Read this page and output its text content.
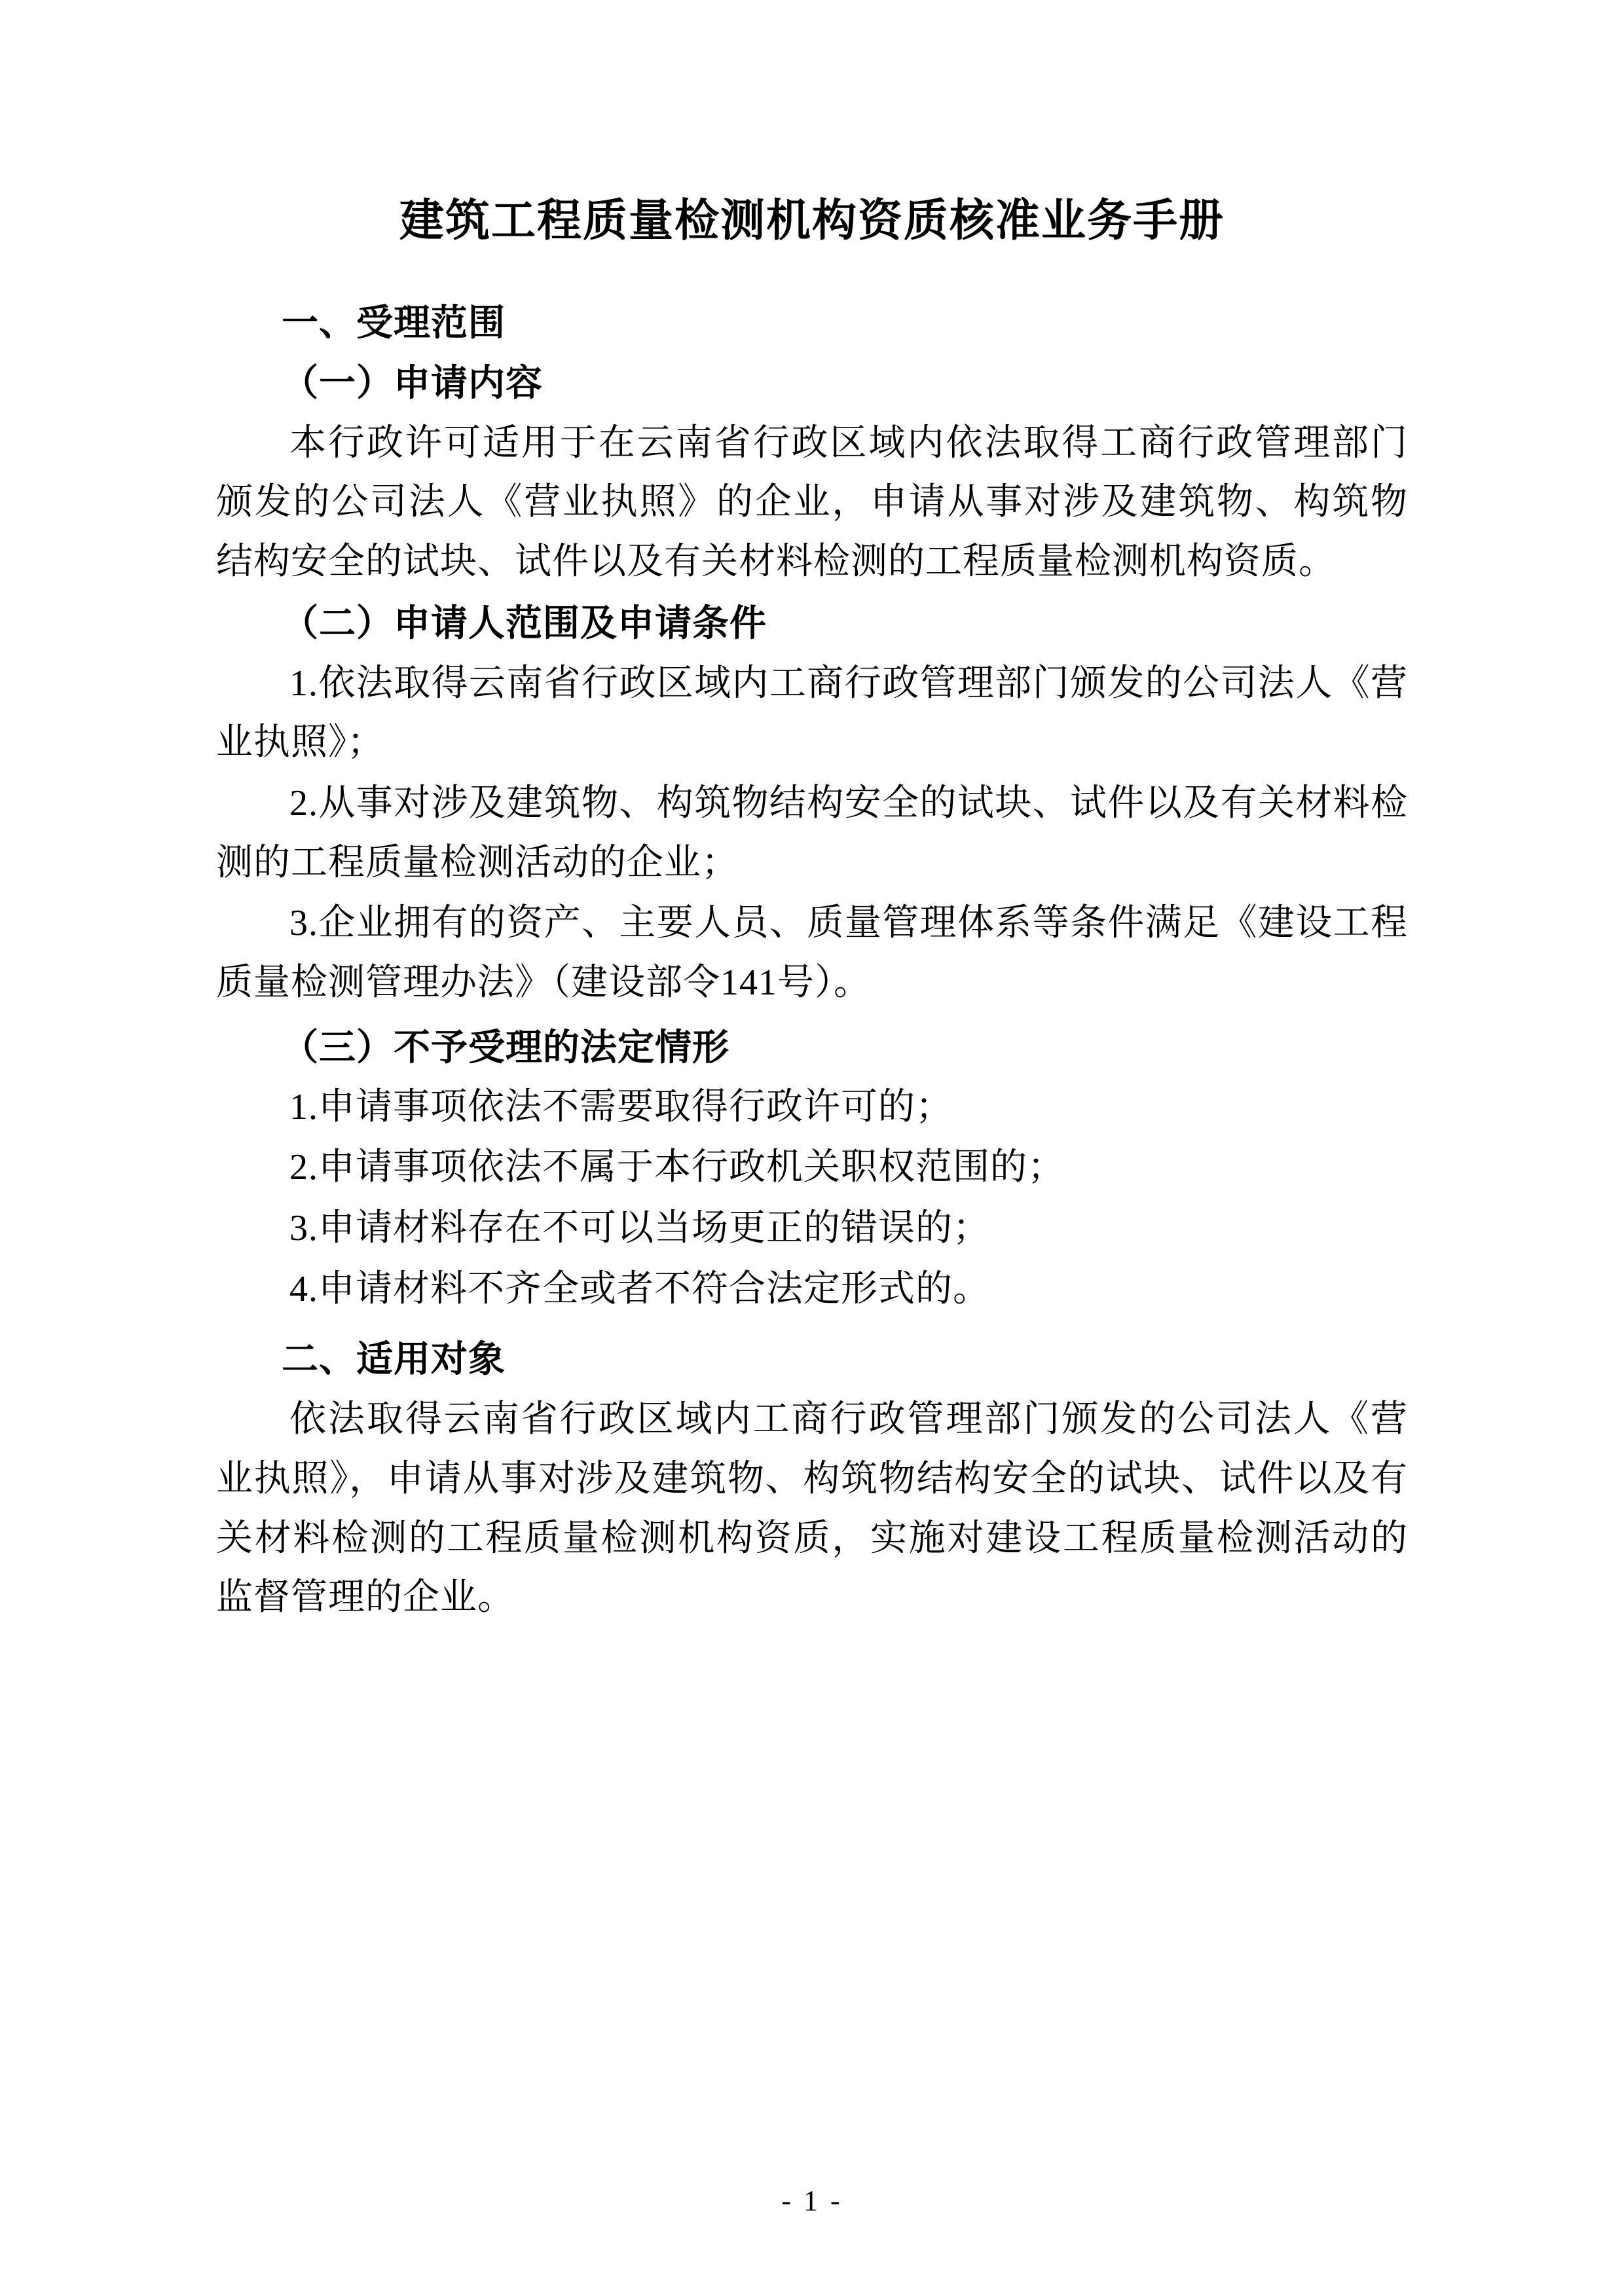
建筑工程质量检测机构资质核准业务手册
一、受理范围
（一）申请内容

本行政许可适用于在云南省行政区域内依法取得工商行政管理部门颁发的公司法人《营业执照》的企业，申请从事对涉及建筑物、构筑物结构安全的试块、试件以及有关材料检测的工程质量检测机构资质。

（二）申请人范围及申请条件

1.依法取得云南省行政区域内工商行政管理部门颁发的公司法人《营业执照》；

2.从事对涉及建筑物、构筑物结构安全的试块、试件以及有关材料检测的工程质量检测活动的企业；

3.企业拥有的资产、主要人员、质量管理体系等条件满足《建设工程质量检测管理办法》（建设部令141号）。

（三）不予受理的法定情形

1.申请事项依法不需要取得行政许可的；

2.申请事项依法不属于本行政机关职权范围的；

3.申请材料存在不可以当场更正的错误的；

4.申请材料不齐全或者不符合法定形式的。

二、适用对象

依法取得云南省行政区域内工商行政管理部门颁发的公司法人《营业执照》，申请从事对涉及建筑物、构筑物结构安全的试块、试件以及有关材料检测的工程质量检测机构资质，实施对建设工程质量检测活动的监督管理的企业。

- 1 -
